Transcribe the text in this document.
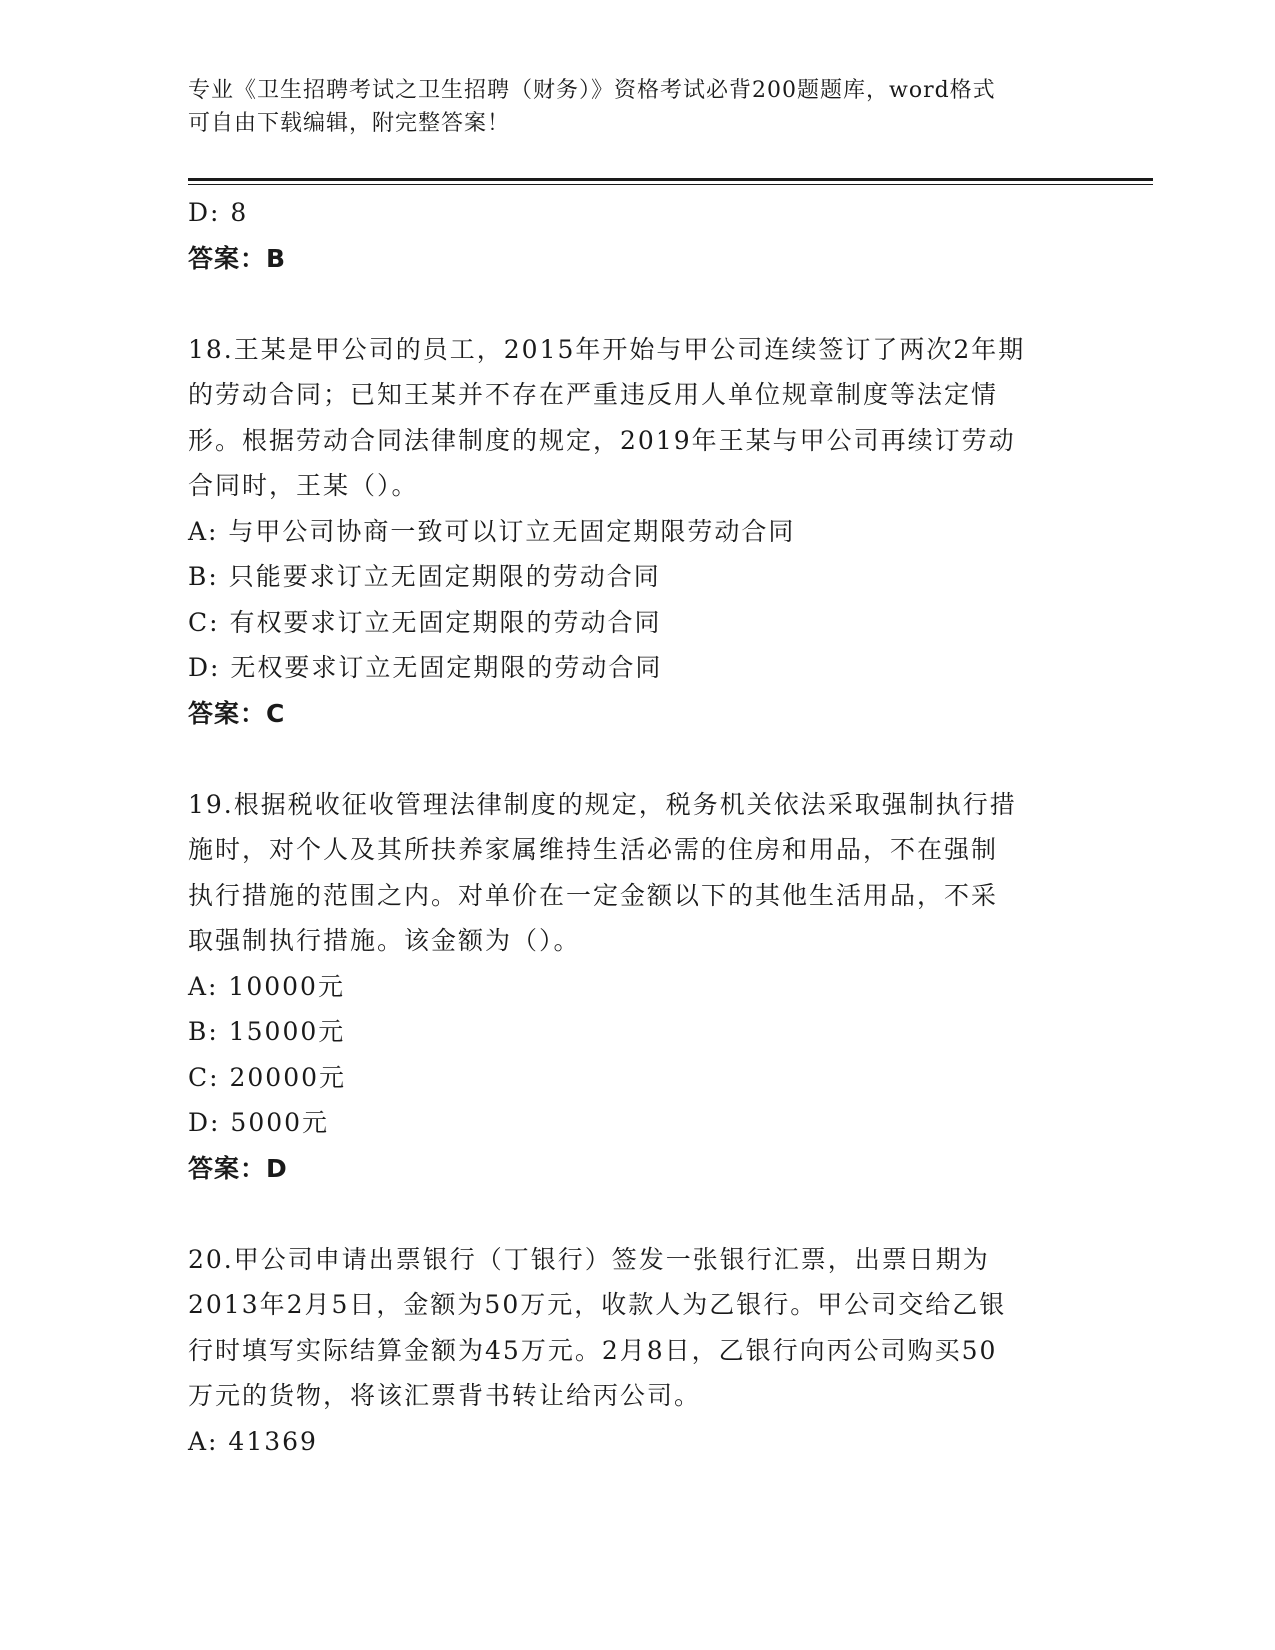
专业《卫生招聘考试之卫生招聘（财务）》资格考试必背200题题库，word格式
可自由下载编辑，附完整答案！
D: 8
答案：B
18.王某是甲公司的员工，2015年开始与甲公司连续签订了两次2年期
的劳动合同；已知王某并不存在严重违反用人单位规章制度等法定情
形。根据劳动合同法律制度的规定，2019年王某与甲公司再续订劳动
合同时，王某（）。
A: 与甲公司协商一致可以订立无固定期限劳动合同
B: 只能要求订立无固定期限的劳动合同
C: 有权要求订立无固定期限的劳动合同
D: 无权要求订立无固定期限的劳动合同
答案：C
19.根据税收征收管理法律制度的规定，税务机关依法采取强制执行措
施时，对个人及其所扶养家属维持生活必需的住房和用品，不在强制
执行措施的范围之内。对单价在一定金额以下的其他生活用品，不采
取强制执行措施。该金额为（）。
A: 10000元
B: 15000元
C: 20000元
D: 5000元
答案：D
20.甲公司申请出票银行（丁银行）签发一张银行汇票，出票日期为
2013年2月5日，金额为50万元，收款人为乙银行。甲公司交给乙银
行时填写实际结算金额为45万元。2月8日，乙银行向丙公司购买50
万元的货物，将该汇票背书转让给丙公司。
A: 41369
